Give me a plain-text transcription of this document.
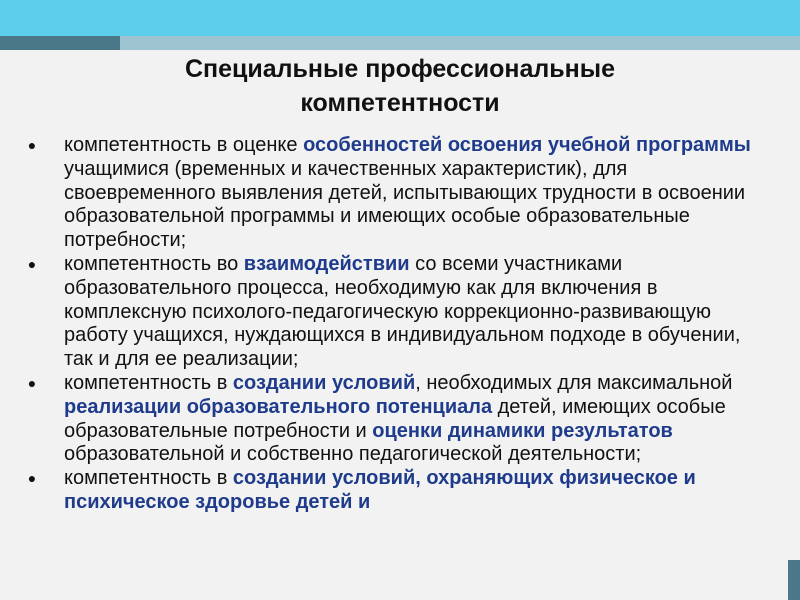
Специальные профессиональные
компетентности
● компетентность в оценке особенностей освоения учебной программы учащимися (временных и качественных характеристик), для своевременного выявления детей, испытывающих трудности в освоении образовательной программы и имеющих особые образовательные потребности;
● компетентность во взаимодействии со всеми участниками образовательного процесса, необходимую как для включения в комплексную психолого-педагогическую коррекционно-развивающую работу учащихся, нуждающихся в индивидуальном подходе в обучении, так и для ее реализации;
● компетентность в создании условий, необходимых для максимальной реализации образовательного потенциала детей, имеющих особые образовательные потребности и оценки динамики результатов образовательной и собственно педагогической деятельности;
● компетентность в создании условий, охраняющих физическое и психическое здоровье детей и
